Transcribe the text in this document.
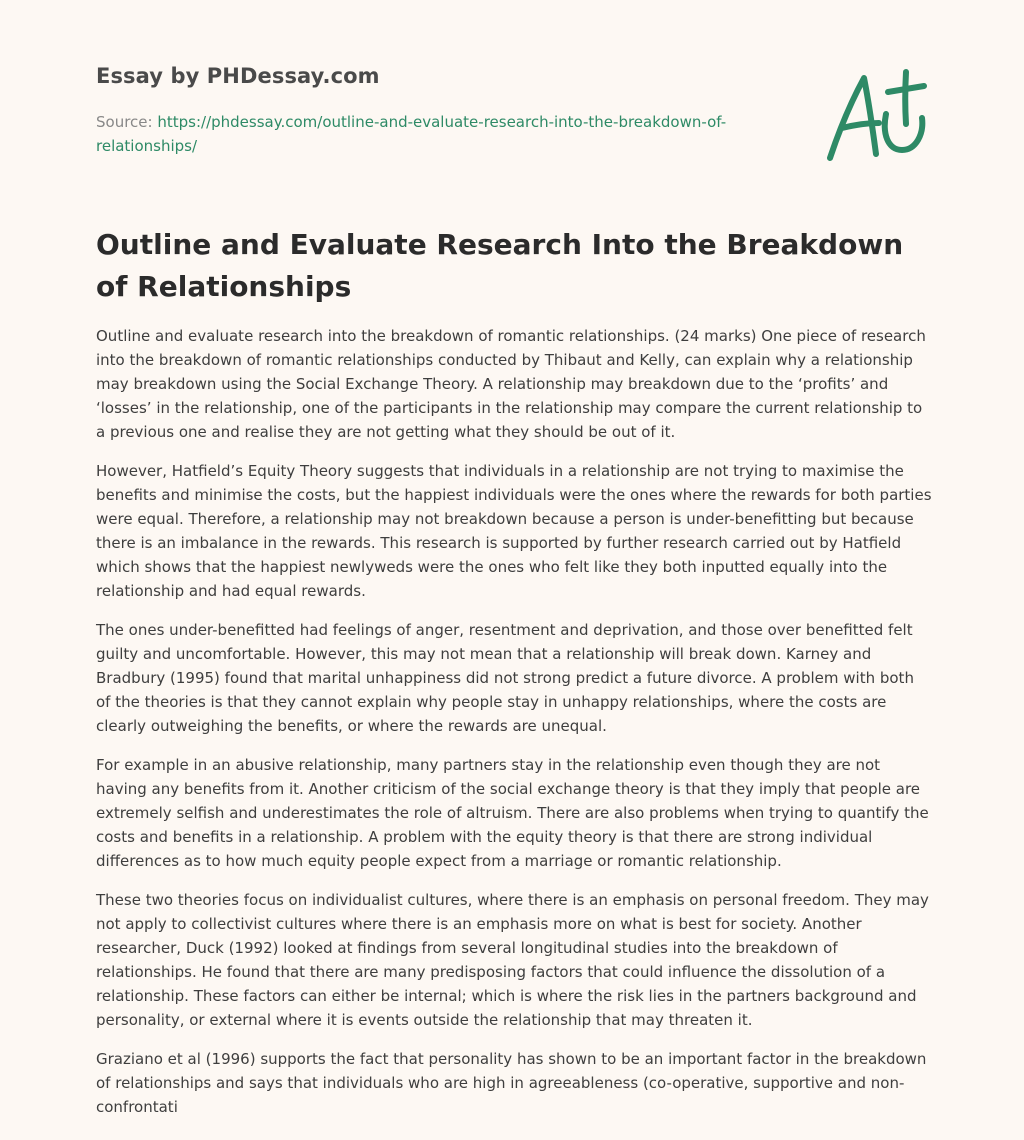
Essay by PHDessay.com
Source: https://phdessay.com/outline-and-evaluate-research-into-the-breakdown-of-relationships/
Outline and Evaluate Research Into the Breakdown of Relationships

Outline and evaluate research into the breakdown of romantic relationships. (24 marks) One piece of research into the breakdown of romantic relationships conducted by Thibaut and Kelly, can explain why a relationship may breakdown using the Social Exchange Theory. A relationship may breakdown due to the ‘profits’ and ‘losses’ in the relationship, one of the participants in the relationship may compare the current relationship to a previous one and realise they are not getting what they should be out of it.

However, Hatfield’s Equity Theory suggests that individuals in a relationship are not trying to maximise the benefits and minimise the costs, but the happiest individuals were the ones where the rewards for both parties were equal. Therefore, a relationship may not breakdown because a person is under-benefitting but because there is an imbalance in the rewards. This research is supported by further research carried out by Hatfield which shows that the happiest newlyweds were the ones who felt like they both inputted equally into the relationship and had equal rewards.

The ones under-benefitted had feelings of anger, resentment and deprivation, and those over benefitted felt guilty and uncomfortable. However, this may not mean that a relationship will break down. Karney and Bradbury (1995) found that marital unhappiness did not strong predict a future divorce. A problem with both of the theories is that they cannot explain why people stay in unhappy relationships, where the costs are clearly outweighing the benefits, or where the rewards are unequal.

For example in an abusive relationship, many partners stay in the relationship even though they are not having any benefits from it. Another criticism of the social exchange theory is that they imply that people are extremely selfish and underestimates the role of altruism. There are also problems when trying to quantify the costs and benefits in a relationship. A problem with the equity theory is that there are strong individual differences as to how much equity people expect from a marriage or romantic relationship.

These two theories focus on individualist cultures, where there is an emphasis on personal freedom. They may not apply to collectivist cultures where there is an emphasis more on what is best for society. Another researcher, Duck (1992) looked at findings from several longitudinal studies into the breakdown of relationships. He found that there are many predisposing factors that could influence the dissolution of a relationship. These factors can either be internal; which is where the risk lies in the partners background and personality, or external where it is events outside the relationship that may threaten it.

Graziano et al (1996) supports the fact that personality has shown to be an important factor in the breakdown of relationships and says that individuals who are high in agreeableness (co-operative, supportive and non-confrontati
